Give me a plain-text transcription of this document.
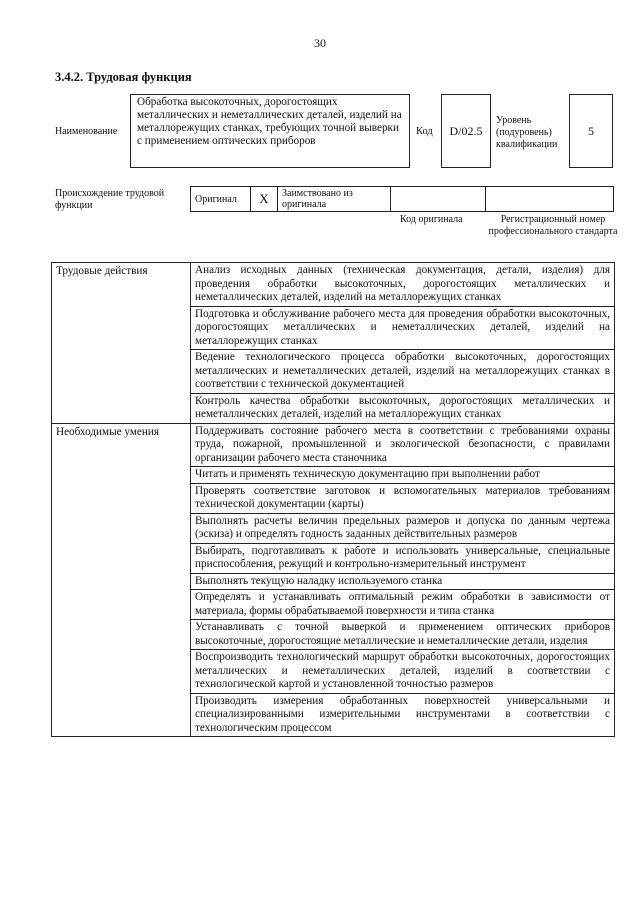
30
3.4.2. Трудовая функция
Наименование
Обработка высокоточных, дорогостоящих металлических и неметаллических деталей, изделий на металлорежущих станках, требующих точной выверки с применением оптических приборов
Код D/02.5
Уровень (подуровень) квалификации
5
Происхождение трудовой функции
Оригинал X Заимствовано из оригинала
Код оригинала	Регистрационный номер профессионального стандарта
Трудовые действия	Анализ исходных данных (техническая документация, детали, изделия) для проведения обработки высокоточных, дорогостоящих металлических и неметаллических деталей, изделий на металлорежущих станках
	Подготовка и обслуживание рабочего места для проведения обработки высокоточных, дорогостоящих металлических и неметаллических деталей, изделий на металлорежущих станках
	Ведение технологического процесса обработки высокоточных, дорогостоящих металлических и неметаллических деталей, изделий на металлорежущих станках в соответствии с технической документацией
	Контроль качества обработки высокоточных, дорогостоящих металлических и неметаллических деталей, изделий на металлорежущих станках
Необходимые умения	Поддерживать состояние рабочего места в соответствии с требованиями охраны труда, пожарной, промышленной и экологической безопасности, с правилами организации рабочего места станочника
	Читать и применять техническую документацию при выполнении работ
	Проверять соответствие заготовок и вспомогательных материалов требованиям технической документации (карты)
	Выполнять расчеты величин предельных размеров и допуска по данным чертежа (эскиза) и определять годность заданных действительных размеров
	Выбирать, подготавливать к работе и использовать универсальные, специальные приспособления, режущий и контрольно-измерительный инструмент
	Выполнять текущую наладку используемого станка
	Определять и устанавливать оптимальный режим обработки в зависимости от материала, формы обрабатываемой поверхности и типа станка
	Устанавливать с точной выверкой и применением оптических приборов высокоточные, дорогостоящие металлические и неметаллические детали, изделия
	Воспроизводить технологический маршрут обработки высокоточных, дорогостоящих металлических и неметаллических деталей, изделий в соответствии с технологической картой и установленной точностью размеров
	Производить измерения обработанных поверхностей универсальными и специализированными измерительными инструментами в соответствии с технологическим процессом
